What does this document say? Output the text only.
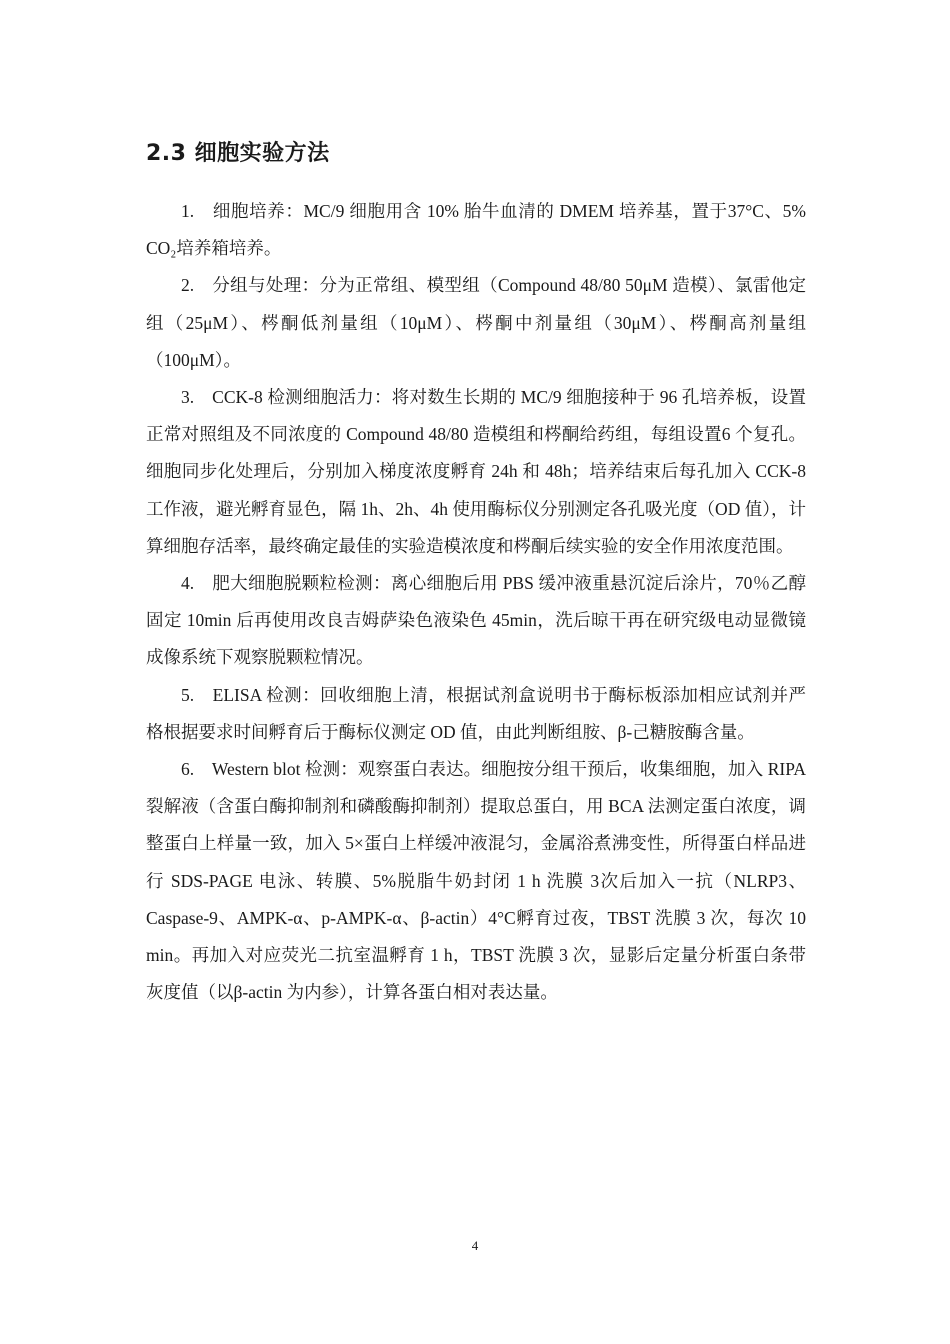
2.3 细胞实验方法

1.　细胞培养：MC/9 细胞用含 10% 胎牛血清的 DMEM 培养基，置于37°C、5% CO₂培养箱培养。

2.　分组与处理：分为正常组、模型组（Compound 48/80 50μM 造模）、氯雷他定组（25μM）、梣酮低剂量组（10μM）、梣酮中剂量组（30μM）、梣酮高剂量组（100μM）。

3.　CCK-8 检测细胞活力：将对数生长期的 MC/9 细胞接种于 96 孔培养板，设置正常对照组及不同浓度的 Compound 48/80 造模组和梣酮给药组，每组设置6 个复孔。细胞同步化处理后，分别加入梯度浓度孵育 24h 和 48h；培养结束后每孔加入 CCK-8 工作液，避光孵育显色，隔 1h、2h、4h 使用酶标仪分别测定各孔吸光度（OD 值），计算细胞存活率，最终确定最佳的实验造模浓度和梣酮后续实验的安全作用浓度范围。

4.　肥大细胞脱颗粒检测：离心细胞后用 PBS 缓冲液重悬沉淀后涂片，70％乙醇固定 10min 后再使用改良吉姆萨染色液染色 45min，洗后晾干再在研究级电动显微镜成像系统下观察脱颗粒情况。

5.　ELISA 检测：回收细胞上清，根据试剂盒说明书于酶标板添加相应试剂并严格根据要求时间孵育后于酶标仪测定 OD 值，由此判断组胺、β-己糖胺酶含量。

6.　Western blot 检测：观察蛋白表达。细胞按分组干预后，收集细胞，加入 RIPA 裂解液（含蛋白酶抑制剂和磷酸酶抑制剂）提取总蛋白，用 BCA 法测定蛋白浓度，调整蛋白上样量一致，加入 5×蛋白上样缓冲液混匀，金属浴煮沸变性，所得蛋白样品进行 SDS-PAGE 电泳、转膜、5%脱脂牛奶封闭 1 h 洗膜 3次后加入一抗（NLRP3、Caspase-9、AMPK-α、p-AMPK-α、β-actin）4°C孵育过夜，TBST 洗膜 3 次，每次 10 min。再加入对应荧光二抗室温孵育 1 h，TBST 洗膜 3 次，显影后定量分析蛋白条带灰度值（以β-actin 为内参），计算各蛋白相对表达量。

4
